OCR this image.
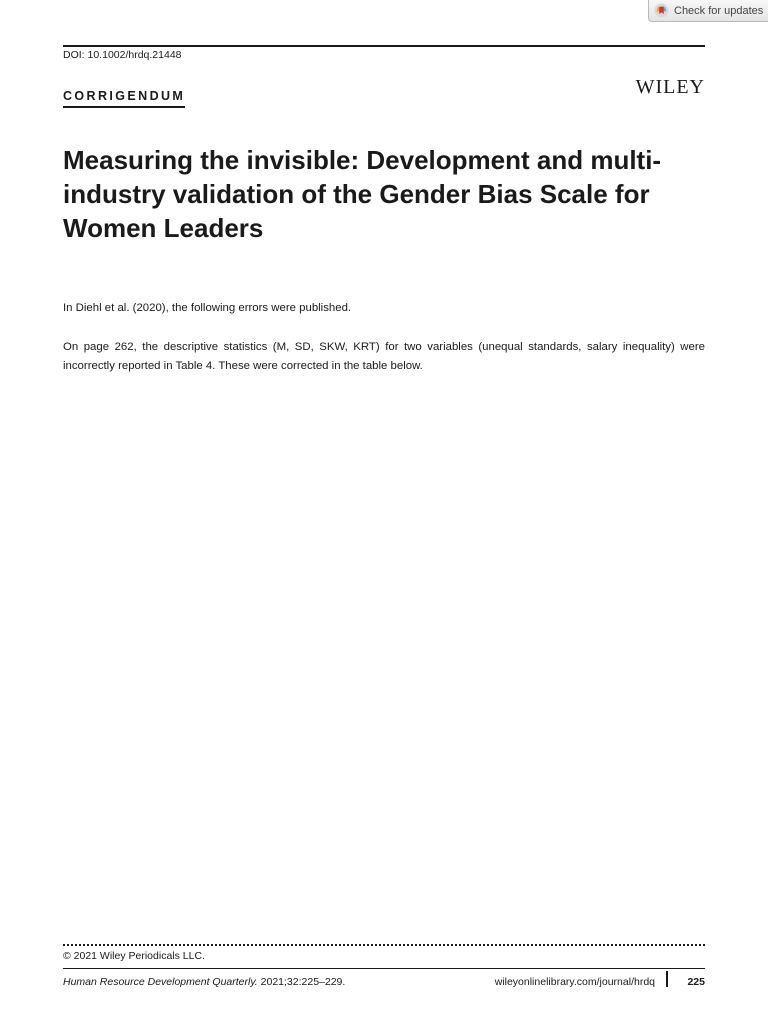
Check for updates
DOI: 10.1002/hrdq.21448
CORRIGENDUM	WILEY
Measuring the invisible: Development and multi-
industry validation of the Gender Bias Scale for
Women Leaders

In Diehl et al. (2020), the following errors were published.

On page 262, the descriptive statistics (M, SD, SKW, KRT) for two variables (unequal standards, salary inequality) were incorrectly reported in Table 4. These were corrected in the table below.

© 2021 Wiley Periodicals LLC.
Human Resource Development Quarterly. 2021;32:225–229.	wileyonlinelibrary.com/journal/hrdq	225
